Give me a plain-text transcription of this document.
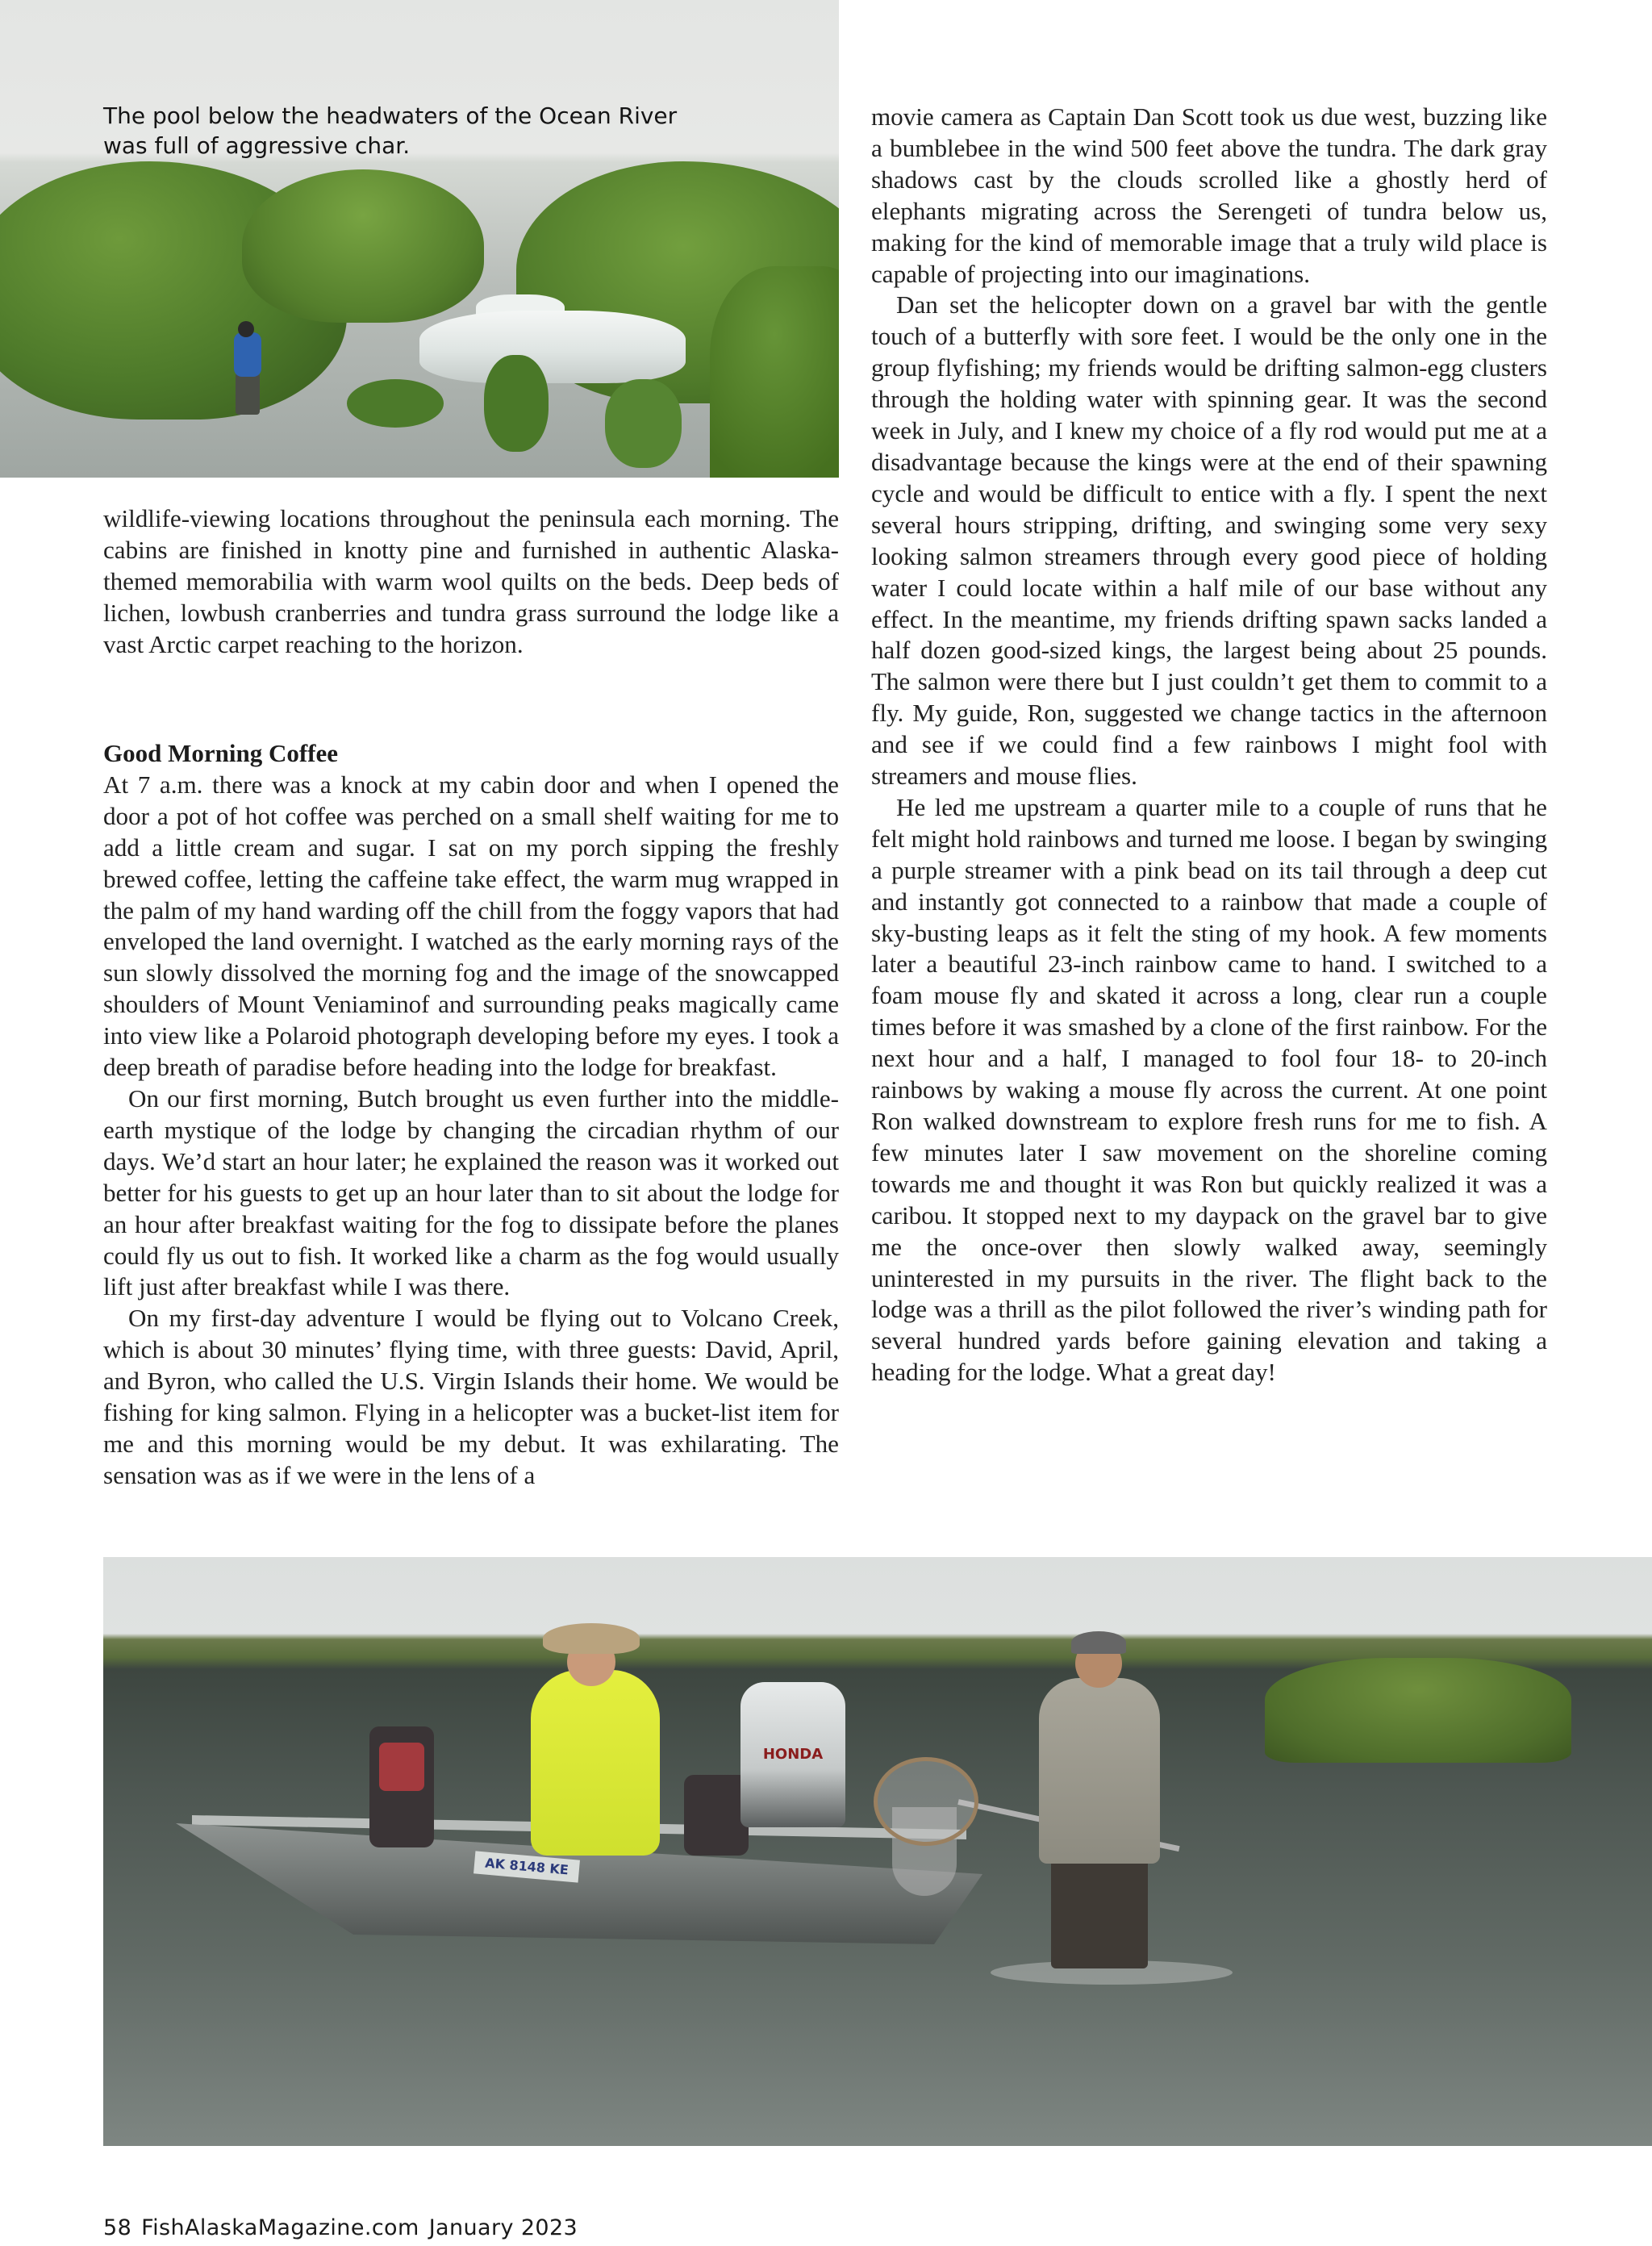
The pool below the headwaters of the Ocean River
was full of aggressive char.

wildlife-viewing locations throughout the peninsula each morning. The cabins are finished in knotty pine and furnished in authentic Alaska-themed memorabilia with warm wool quilts on the beds. Deep beds of lichen, lowbush cranberries and tundra grass surround the lodge like a vast Arctic carpet reaching to the horizon.

Good Morning Coffee

At 7 a.m. there was a knock at my cabin door and when I opened the door a pot of hot coffee was perched on a small shelf waiting for me to add a little cream and sugar. I sat on my porch sipping the freshly brewed coffee, letting the caffeine take effect, the warm mug wrapped in the palm of my hand warding off the chill from the foggy vapors that had enveloped the land overnight. I watched as the early morning rays of the sun slowly dissolved the morning fog and the image of the snowcapped shoulders of Mount Veniaminof and surrounding peaks magically came into view like a Polaroid photograph developing before my eyes. I took a deep breath of paradise before heading into the lodge for breakfast.

On our first morning, Butch brought us even further into the middle-earth mystique of the lodge by changing the circadian rhythm of our days. We’d start an hour later; he explained the reason was it worked out better for his guests to get up an hour later than to sit about the lodge for an hour after breakfast waiting for the fog to dissipate before the planes could fly us out to fish. It worked like a charm as the fog would usually lift just after breakfast while I was there.

On my first-day adventure I would be flying out to Volcano Creek, which is about 30 minutes’ flying time, with three guests: David, April, and Byron, who called the U.S. Virgin Islands their home. We would be fishing for king salmon. Flying in a helicopter was a bucket-list item for me and this morning would be my debut. It was exhilarating. The sensation was as if we were in the lens of a

movie camera as Captain Dan Scott took us due west, buzzing like a bumblebee in the wind 500 feet above the tundra. The dark gray shadows cast by the clouds scrolled like a ghostly herd of elephants migrating across the Serengeti of tundra below us, making for the kind of memorable image that a truly wild place is capable of projecting into our imaginations.

Dan set the helicopter down on a gravel bar with the gentle touch of a butterfly with sore feet. I would be the only one in the group flyfishing; my friends would be drifting salmon-egg clusters through the holding water with spinning gear. It was the second week in July, and I knew my choice of a fly rod would put me at a disadvantage because the kings were at the end of their spawning cycle and would be difficult to entice with a fly. I spent the next several hours stripping, drifting, and swinging some very sexy looking salmon streamers through every good piece of holding water I could locate within a half mile of our base without any effect. In the meantime, my friends drifting spawn sacks landed a half dozen good-sized kings, the largest being about 25 pounds. The salmon were there but I just couldn’t get them to commit to a fly. My guide, Ron, suggested we change tactics in the afternoon and see if we could find a few rainbows I might fool with streamers and mouse flies.

He led me upstream a quarter mile to a couple of runs that he felt might hold rainbows and turned me loose. I began by swinging a purple streamer with a pink bead on its tail through a deep cut and instantly got connected to a rainbow that made a couple of sky-busting leaps as it felt the sting of my hook. A few moments later a beautiful 23-inch rainbow came to hand. I switched to a foam mouse fly and skated it across a long, clear run a couple times before it was smashed by a clone of the first rainbow. For the next hour and a half, I managed to fool four 18- to 20-inch rainbows by waking a mouse fly across the current. At one point Ron walked downstream to explore fresh runs for me to fish. A few minutes later I saw movement on the shoreline coming towards me and thought it was Ron but quickly realized it was a caribou. It stopped next to my daypack on the gravel bar to give me the once-over then slowly walked away, seemingly uninterested in my pursuits in the river. The flight back to the lodge was a thrill as the pilot followed the river’s winding path for several hundred yards before gaining elevation and taking a heading for the lodge. What a great day!

AK 8148 KE
HONDA
58 FishAlaskaMagazine.com January 2023
